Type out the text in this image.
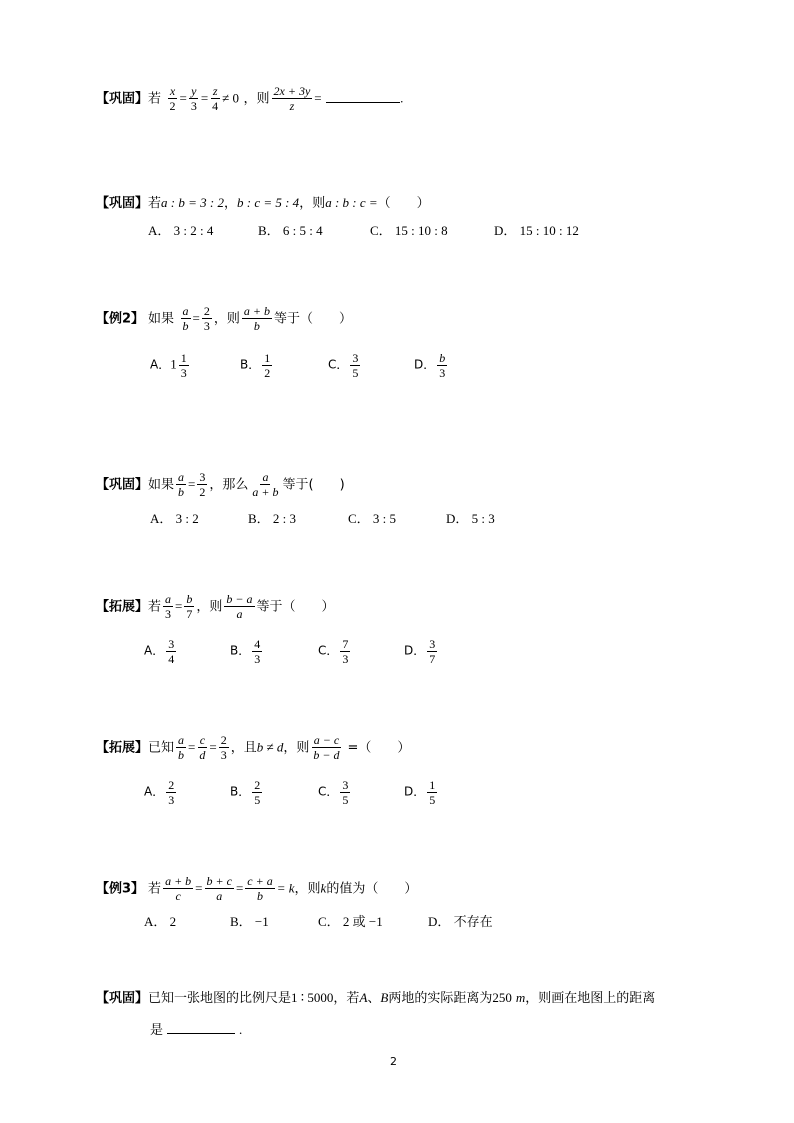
【巩固】若 $\frac{x}{2} = \frac{y}{3} = \frac{z}{4} \ne 0$ ，则 $\frac{2x + 3y}{z}$ =	.
【巩固】若a : b = 3 : 2，b : c = 5 : 4，则a : b : c =（　　）
A． 3 : 2 : 4	B． 6 : 5 : 4	C． 15 : 10 : 8	D． 15 : 10 : 12
【例2】 如果 $\frac{a}{b} = \frac{2}{3}$ ，则 $\frac{a + b}{b}$ 等于（　　）
A．$1 \frac{1}{3}$	B． $\frac{1}{2}$	C． $\frac{3}{5}$	D． $\frac{b}{3}$
【巩固】如果 $\frac{a}{b} = \frac{3}{2}$ ，那么 $\frac{a}{a + b}$ 等于(　　)
A． 3 : 2	B． 2 : 3	C． 3 : 5	D． 5 : 3
【拓展】若 $\frac{a}{3} = \frac{b}{7}$ ，则 $\frac{b - a}{a}$ 等于（　　）
A． $\frac{3}{4}$	B． $\frac{4}{3}$	C． $\frac{7}{3}$	D． $\frac{3}{7}$
【拓展】已知 $\frac{a}{b} = \frac{c}{d} = \frac{2}{3}$ ，且b ≠ d，则 $\frac{a - c}{b - d}$ =（　　）
A． $\frac{2}{3}$	B． $\frac{2}{5}$	C． $\frac{3}{5}$	D． $\frac{1}{5}$
【例3】 若 $\frac{a + b}{c} = \frac{b + c}{a} = \frac{c + a}{b} = k$，则k的值为（　　）
A． 2	B． −1	C． 2 或 −1	D． 不存在
【巩固】已知一张地图的比例尺是1 ∶ 5000，若A、B两地的实际距离为250 m，则画在地图上的距离
是	.
2
